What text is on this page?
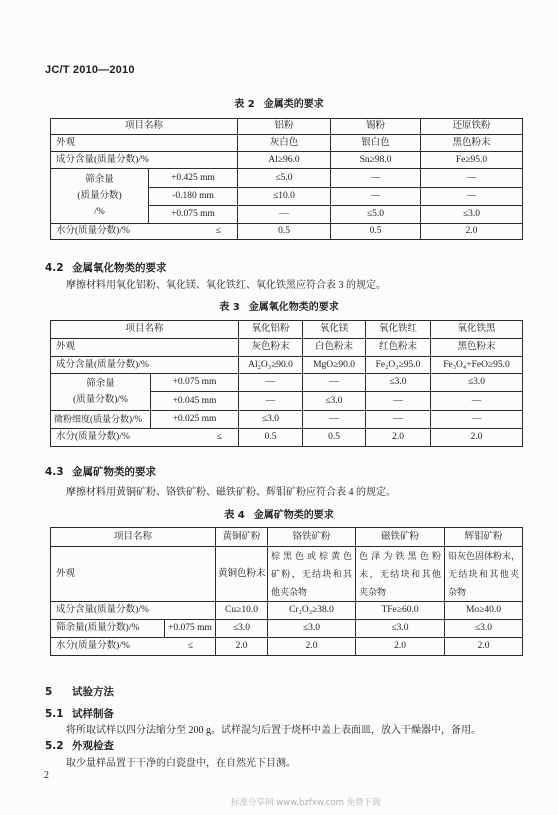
JC/T 2010—2010
表 2 金属类的要求
项目名称		铝粉	锡粉	还原铁粉
外观		灰白色	银白色	黑色粉末
成分含量(质量分数)/%		Al≥96.0	Sn≥98.0	Fe≥95.0

筛余量
(质量分数)
/%	+0.425 mm	≤5.0	—	—
	-0.180 mm	≤10.0	—	—
	+0.075 mm	—	≤5.0	≤3.0

水分(质量分数)/% ≤		0.5	0.5	2.0
4.2 金属氧化物类的要求
摩擦材料用氧化铝粉、氧化镁、氧化铁红、氧化铁黑应符合表 3 的规定。
表 3 金属氧化物类的要求
项目名称		氧化铝粉	氧化镁	氧化铁红	氧化铁黑
外观		灰色粉末	白色粉末	红色粉末	黑色粉末
成分含量(质量分数)/%		Al₂O₃≥90.0	MgO≥90.0	Fe₂O₃≥95.0	Fe₃O₄+FeO≥95.0

筛余量
(质量分数)/%	+0.075 mm	—	—	≤3.0	≤3.0
	+0.045 mm	—	≤3.0	—	—
微粉细度(质量分数)/%	+0.025 mm	≤3.0	—	—	—

水分(质量分数)/% ≤		0.5	0.5	2.0	2.0
4.3 金属矿物类的要求
摩擦材料用黄铜矿粉、铬铁矿粉、磁铁矿粉、辉钼矿粉应符合表 4 的规定。
表 4 金属矿物类的要求
项目名称		黄铜矿粉	铬铁矿粉	磁铁矿粉	辉钼矿粉
外观		黄铜色粉末	棕黑色或棕黄色
矿粉，无结块和其
他夹杂物	色泽为铁黑色粉
末，无结块和其他
夹杂物	铅灰色固体粉末，
无结块和其他夹
杂物

成分含量(质量分数)/%		Cu≥10.0	Cr₂O₃≥38.0	TFe≥60.0	Mo≥40.0
筛余量(质量分数)/%	+0.075 mm	≤3.0	≤3.0	≤3.0	≤3.0

水分(质量分数)/% ≤		2.0	2.0	2.0	2.0
5 试验方法
5.1 试样制备
将所取试样以四分法缩分至 200 g。试样混匀后置于烧杯中盖上表面皿，放入干燥器中，备用。
5.2 外观检查
取少量样品置于干净的白瓷盘中，在自然光下目测。
2
标准分享网 www.bzfxw.com 免费下载
